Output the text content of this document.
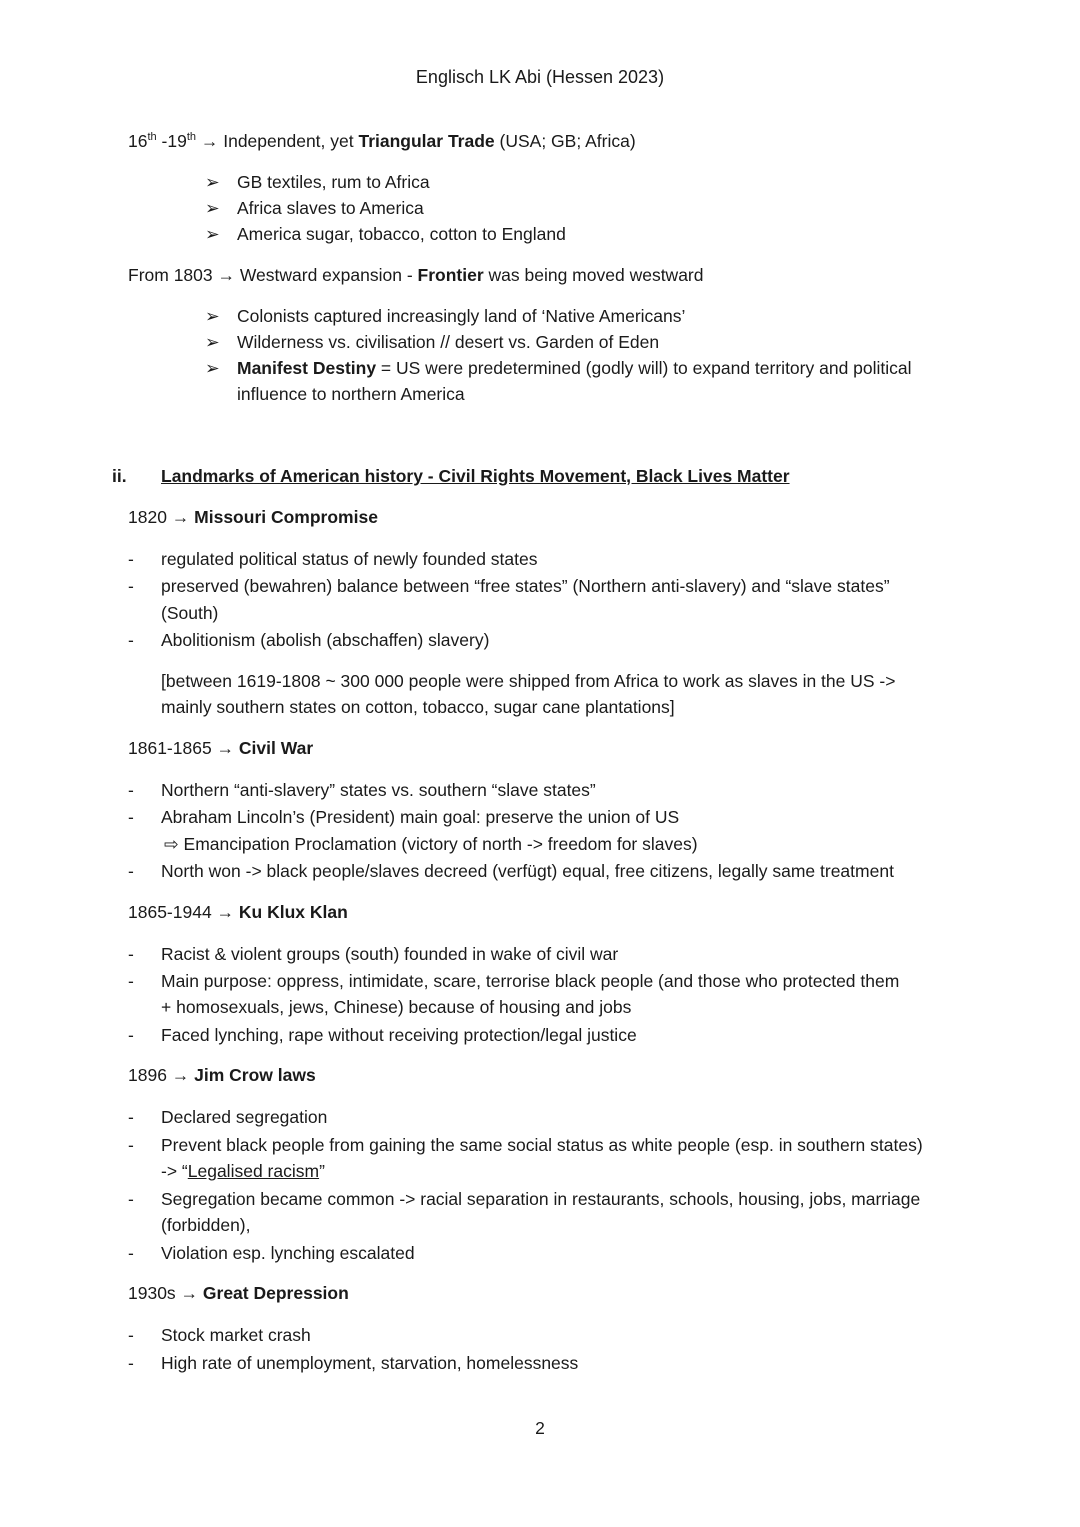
Englisch LK Abi (Hessen 2023)
16th -19th → Independent, yet Triangular Trade (USA; GB; Africa)
➢ GB textiles, rum to Africa
➢ Africa slaves to America
➢ America sugar, tobacco, cotton to England
From 1803 → Westward expansion - Frontier was being moved westward
➢ Colonists captured increasingly land of ‘Native Americans’
➢ Wilderness vs. civilisation // desert vs. Garden of Eden
➢ Manifest Destiny = US were predetermined (godly will) to expand territory and political
influence to northern America
ii. Landmarks of American history - Civil Rights Movement, Black Lives Matter
1820 → Missouri Compromise
- regulated political status of newly founded states
- preserved (bewahren) balance between “free states” (Northern anti-slavery) and “slave states”
(South)
- Abolitionism (abolish (abschaffen) slavery)
[between 1619-1808 ~ 300 000 people were shipped from Africa to work as slaves in the US ->
mainly southern states on cotton, tobacco, sugar cane plantations]
1861-1865 → Civil War
- Northern “anti-slavery” states vs. southern “slave states”
- Abraham Lincoln’s (President) main goal: preserve the union of US
⇨ Emancipation Proclamation (victory of north -> freedom for slaves)
- North won -> black people/slaves decreed (verfügt) equal, free citizens, legally same treatment
1865-1944 → Ku Klux Klan
- Racist & violent groups (south) founded in wake of civil war
- Main purpose: oppress, intimidate, scare, terrorise black people (and those who protected them
+ homosexuals, jews, Chinese) because of housing and jobs
- Faced lynching, rape without receiving protection/legal justice
1896 → Jim Crow laws
- Declared segregation
- Prevent black people from gaining the same social status as white people (esp. in southern states)
-> “Legalised racism”
- Segregation became common -> racial separation in restaurants, schools, housing, jobs, marriage
(forbidden),
- Violation esp. lynching escalated
1930s → Great Depression
- Stock market crash
- High rate of unemployment, starvation, homelessness
2
